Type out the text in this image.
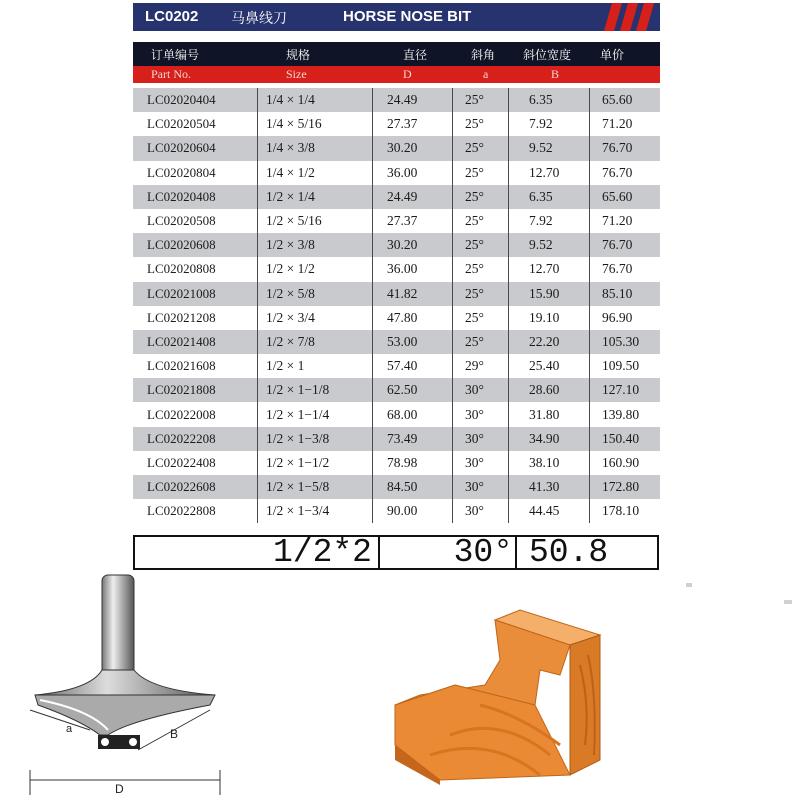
LC0202 马鼻线刀	HORSE NOSE BIT
订单编号	规格	直径	斜角	斜位宽度	单价
Part No.	Size	D	a	B
LC02020404	1/4 × 1/4	24.49	25°	6.35	65.60
LC02020504	1/4 × 5/16	27.37	25°	7.92	71.20
LC02020604	1/4 × 3/8	30.20	25°	9.52	76.70
LC02020804	1/4 × 1/2	36.00	25°	12.70	76.70
LC02020408	1/2 × 1/4	24.49	25°	6.35	65.60
LC02020508	1/2 × 5/16	27.37	25°	7.92	71.20
LC02020608	1/2 × 3/8	30.20	25°	9.52	76.70
LC02020808	1/2 × 1/2	36.00	25°	12.70	76.70
LC02021008	1/2 × 5/8	41.82	25°	15.90	85.10
LC02021208	1/2 × 3/4	47.80	25°	19.10	96.90
LC02021408	1/2 × 7/8	53.00	25°	22.20	105.30
LC02021608	1/2 × 1	57.40	29°	25.40	109.50
LC02021808	1/2 × 1−1/8	62.50	30°	28.60	127.10
LC02022008	1/2 × 1−1/4	68.00	30°	31.80	139.80
LC02022208	1/2 × 1−3/8	73.49	30°	34.90	150.40
LC02022408	1/2 × 1−1/2	78.98	30°	38.10	160.90
LC02022608	1/2 × 1−5/8	84.50	30°	41.30	172.80
LC02022808	1/2 × 1−3/4	90.00	30°	44.45	178.10
1/2*2	30° 50.8
a	B
D
